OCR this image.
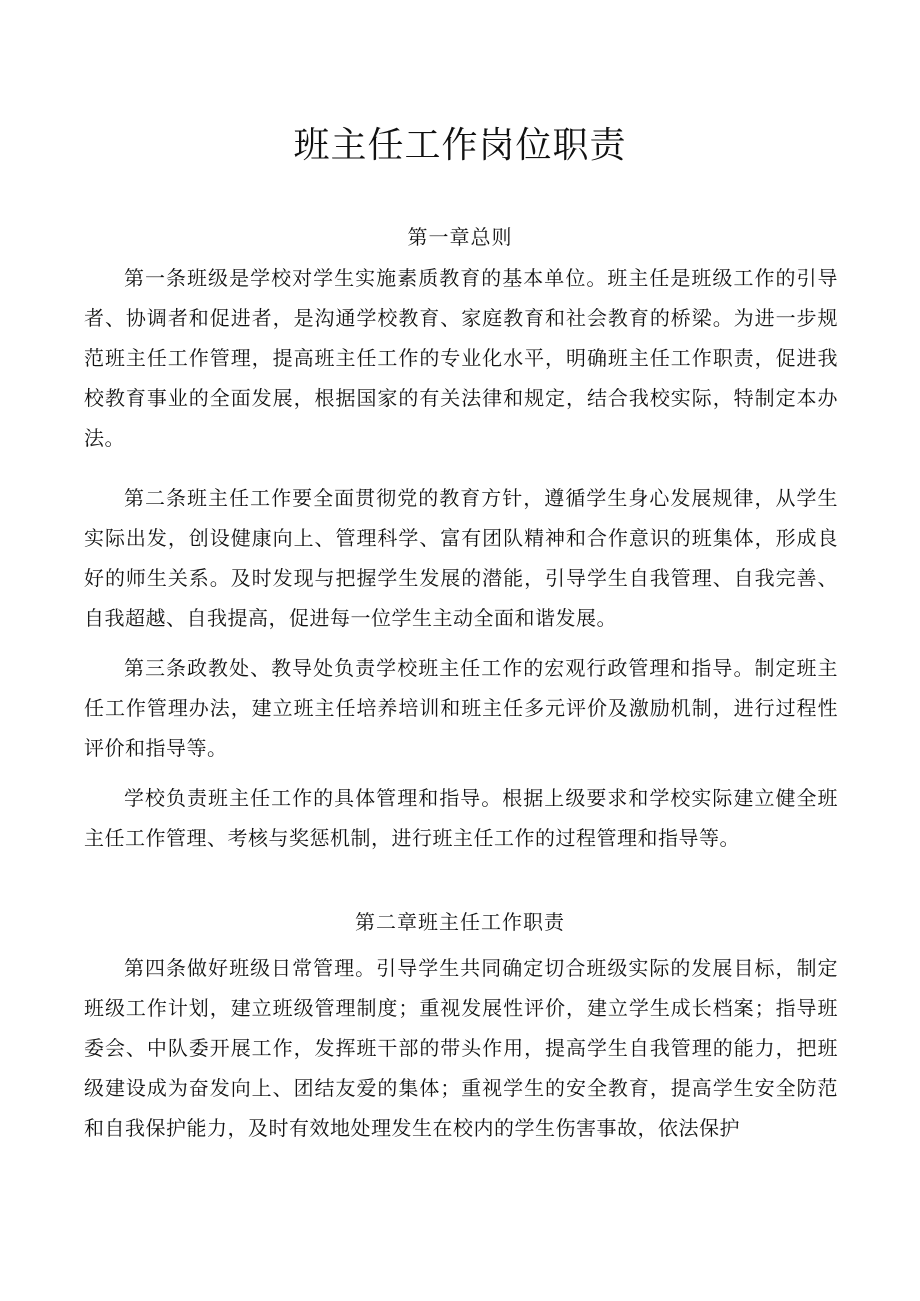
班主任工作岗位职责
第一章总则

第一条班级是学校对学生实施素质教育的基本单位。班主任是班级工作的引导者、协调者和促进者，是沟通学校教育、家庭教育和社会教育的桥梁。为进一步规范班主任工作管理，提高班主任工作的专业化水平，明确班主任工作职责，促进我校教育事业的全面发展，根据国家的有关法律和规定，结合我校实际，特制定本办法。

第二条班主任工作要全面贯彻党的教育方针，遵循学生身心发展规律，从学生实际出发，创设健康向上、管理科学、富有团队精神和合作意识的班集体，形成良好的师生关系。及时发现与把握学生发展的潜能，引导学生自我管理、自我完善、自我超越、自我提高，促进每一位学生主动全面和谐发展。

第三条政教处、教导处负责学校班主任工作的宏观行政管理和指导。制定班主任工作管理办法，建立班主任培养培训和班主任多元评价及激励机制，进行过程性评价和指导等。

学校负责班主任工作的具体管理和指导。根据上级要求和学校实际建立健全班主任工作管理、考核与奖惩机制，进行班主任工作的过程管理和指导等。

第二章班主任工作职责

第四条做好班级日常管理。引导学生共同确定切合班级实际的发展目标，制定班级工作计划，建立班级管理制度；重视发展性评价，建立学生成长档案；指导班委会、中队委开展工作，发挥班干部的带头作用，提高学生自我管理的能力，把班级建设成为奋发向上、团结友爱的集体；重视学生的安全教育，提高学生安全防范和自我保护能力，及时有效地处理发生在校内的学生伤害事故，依法保护
